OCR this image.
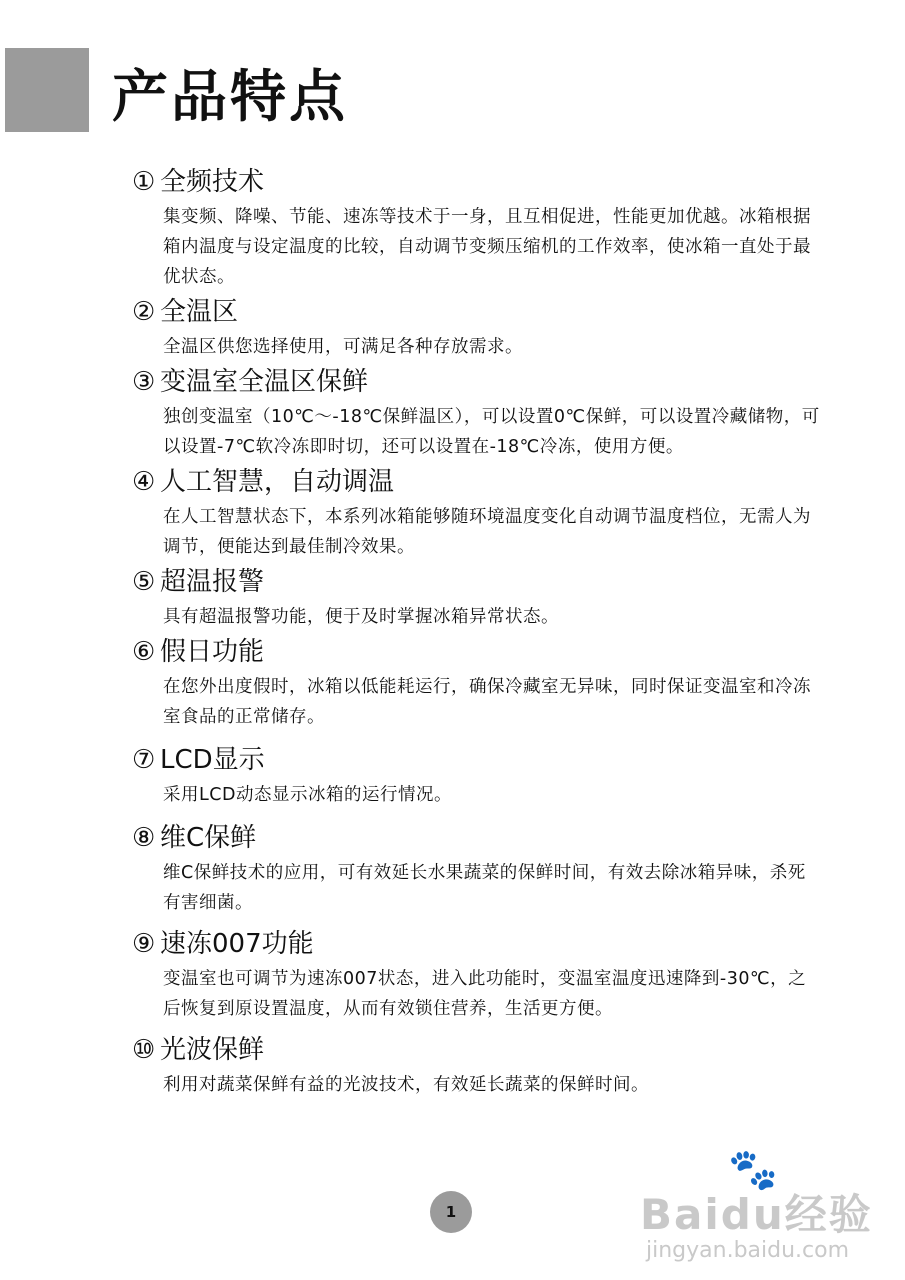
产品特点
① 全频技术
集变频、降噪、节能、速冻等技术于一身，且互相促进，性能更加优越。冰箱根据箱内温度与设定温度的比较，自动调节变频压缩机的工作效率，使冰箱一直处于最优状态。
② 全温区
全温区供您选择使用，可满足各种存放需求。
③ 变温室全温区保鲜
独创变温室（10℃～-18℃保鲜温区），可以设置0℃保鲜，可以设置冷藏储物，可以设置-7℃软冷冻即时切，还可以设置在-18℃冷冻，使用方便。
④ 人工智慧，自动调温
在人工智慧状态下，本系列冰箱能够随环境温度变化自动调节温度档位，无需人为调节，便能达到最佳制冷效果。
⑤ 超温报警
具有超温报警功能，便于及时掌握冰箱异常状态。
⑥ 假日功能
在您外出度假时，冰箱以低能耗运行，确保冷藏室无异味，同时保证变温室和冷冻室食品的正常储存。
⑦ LCD显示
采用LCD动态显示冰箱的运行情况。
⑧ 维C保鲜
维C保鲜技术的应用，可有效延长水果蔬菜的保鲜时间，有效去除冰箱异味，杀死有害细菌。
⑨ 速冻007功能
变温室也可调节为速冻007状态，进入此功能时，变温室温度迅速降到-30℃，之后恢复到原设置温度，从而有效锁住营养，生活更方便。
⑩ 光波保鲜
利用对蔬菜保鲜有益的光波技术，有效延长蔬菜的保鲜时间。
1
🐾
Baidu经验
jingyan.baidu.com
